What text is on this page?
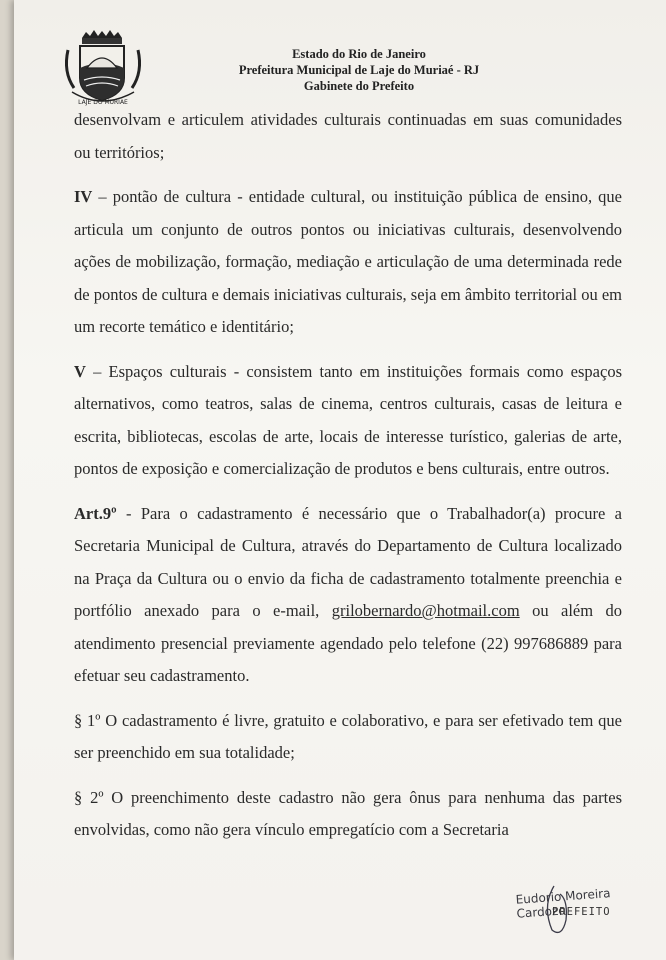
LAJE DO MURIAE
Estado do Rio de Janeiro
Prefeitura Municipal de Laje do Muriaé - RJ
Gabinete do Prefeito

desenvolvam e articulem atividades culturais continuadas em suas comunidades ou territórios;

IV – pontão de cultura - entidade cultural, ou instituição pública de ensino, que articula um conjunto de outros pontos ou iniciativas culturais, desenvolvendo ações de mobilização, formação, mediação e articulação de uma determinada rede de pontos de cultura e demais iniciativas culturais, seja em âmbito territorial ou em um recorte temático e identitário;

V – Espaços culturais - consistem tanto em instituições formais como espaços alternativos, como teatros, salas de cinema, centros culturais, casas de leitura e escrita, bibliotecas, escolas de arte, locais de interesse turístico, galerias de arte, pontos de exposição e comercialização de produtos e bens culturais, entre outros.

Art.9º - Para o cadastramento é necessário que o Trabalhador(a) procure a Secretaria Municipal de Cultura, através do Departamento de Cultura localizado na Praça da Cultura ou o envio da ficha de cadastramento totalmente preenchia e portfólio anexado para o e-mail, grilobernardo@hotmail.com ou além do atendimento presencial previamente agendado pelo telefone (22) 997686889 para efetuar seu cadastramento.

§ 1º O cadastramento é livre, gratuito e colaborativo, e para ser efetivado tem que ser preenchido em sua totalidade;

§ 2º O preenchimento deste cadastro não gera ônus para nenhuma das partes envolvidas, como não gera vínculo empregatício com a Secretaria

Eudorio Moreira Cardozo
PREFEITO
